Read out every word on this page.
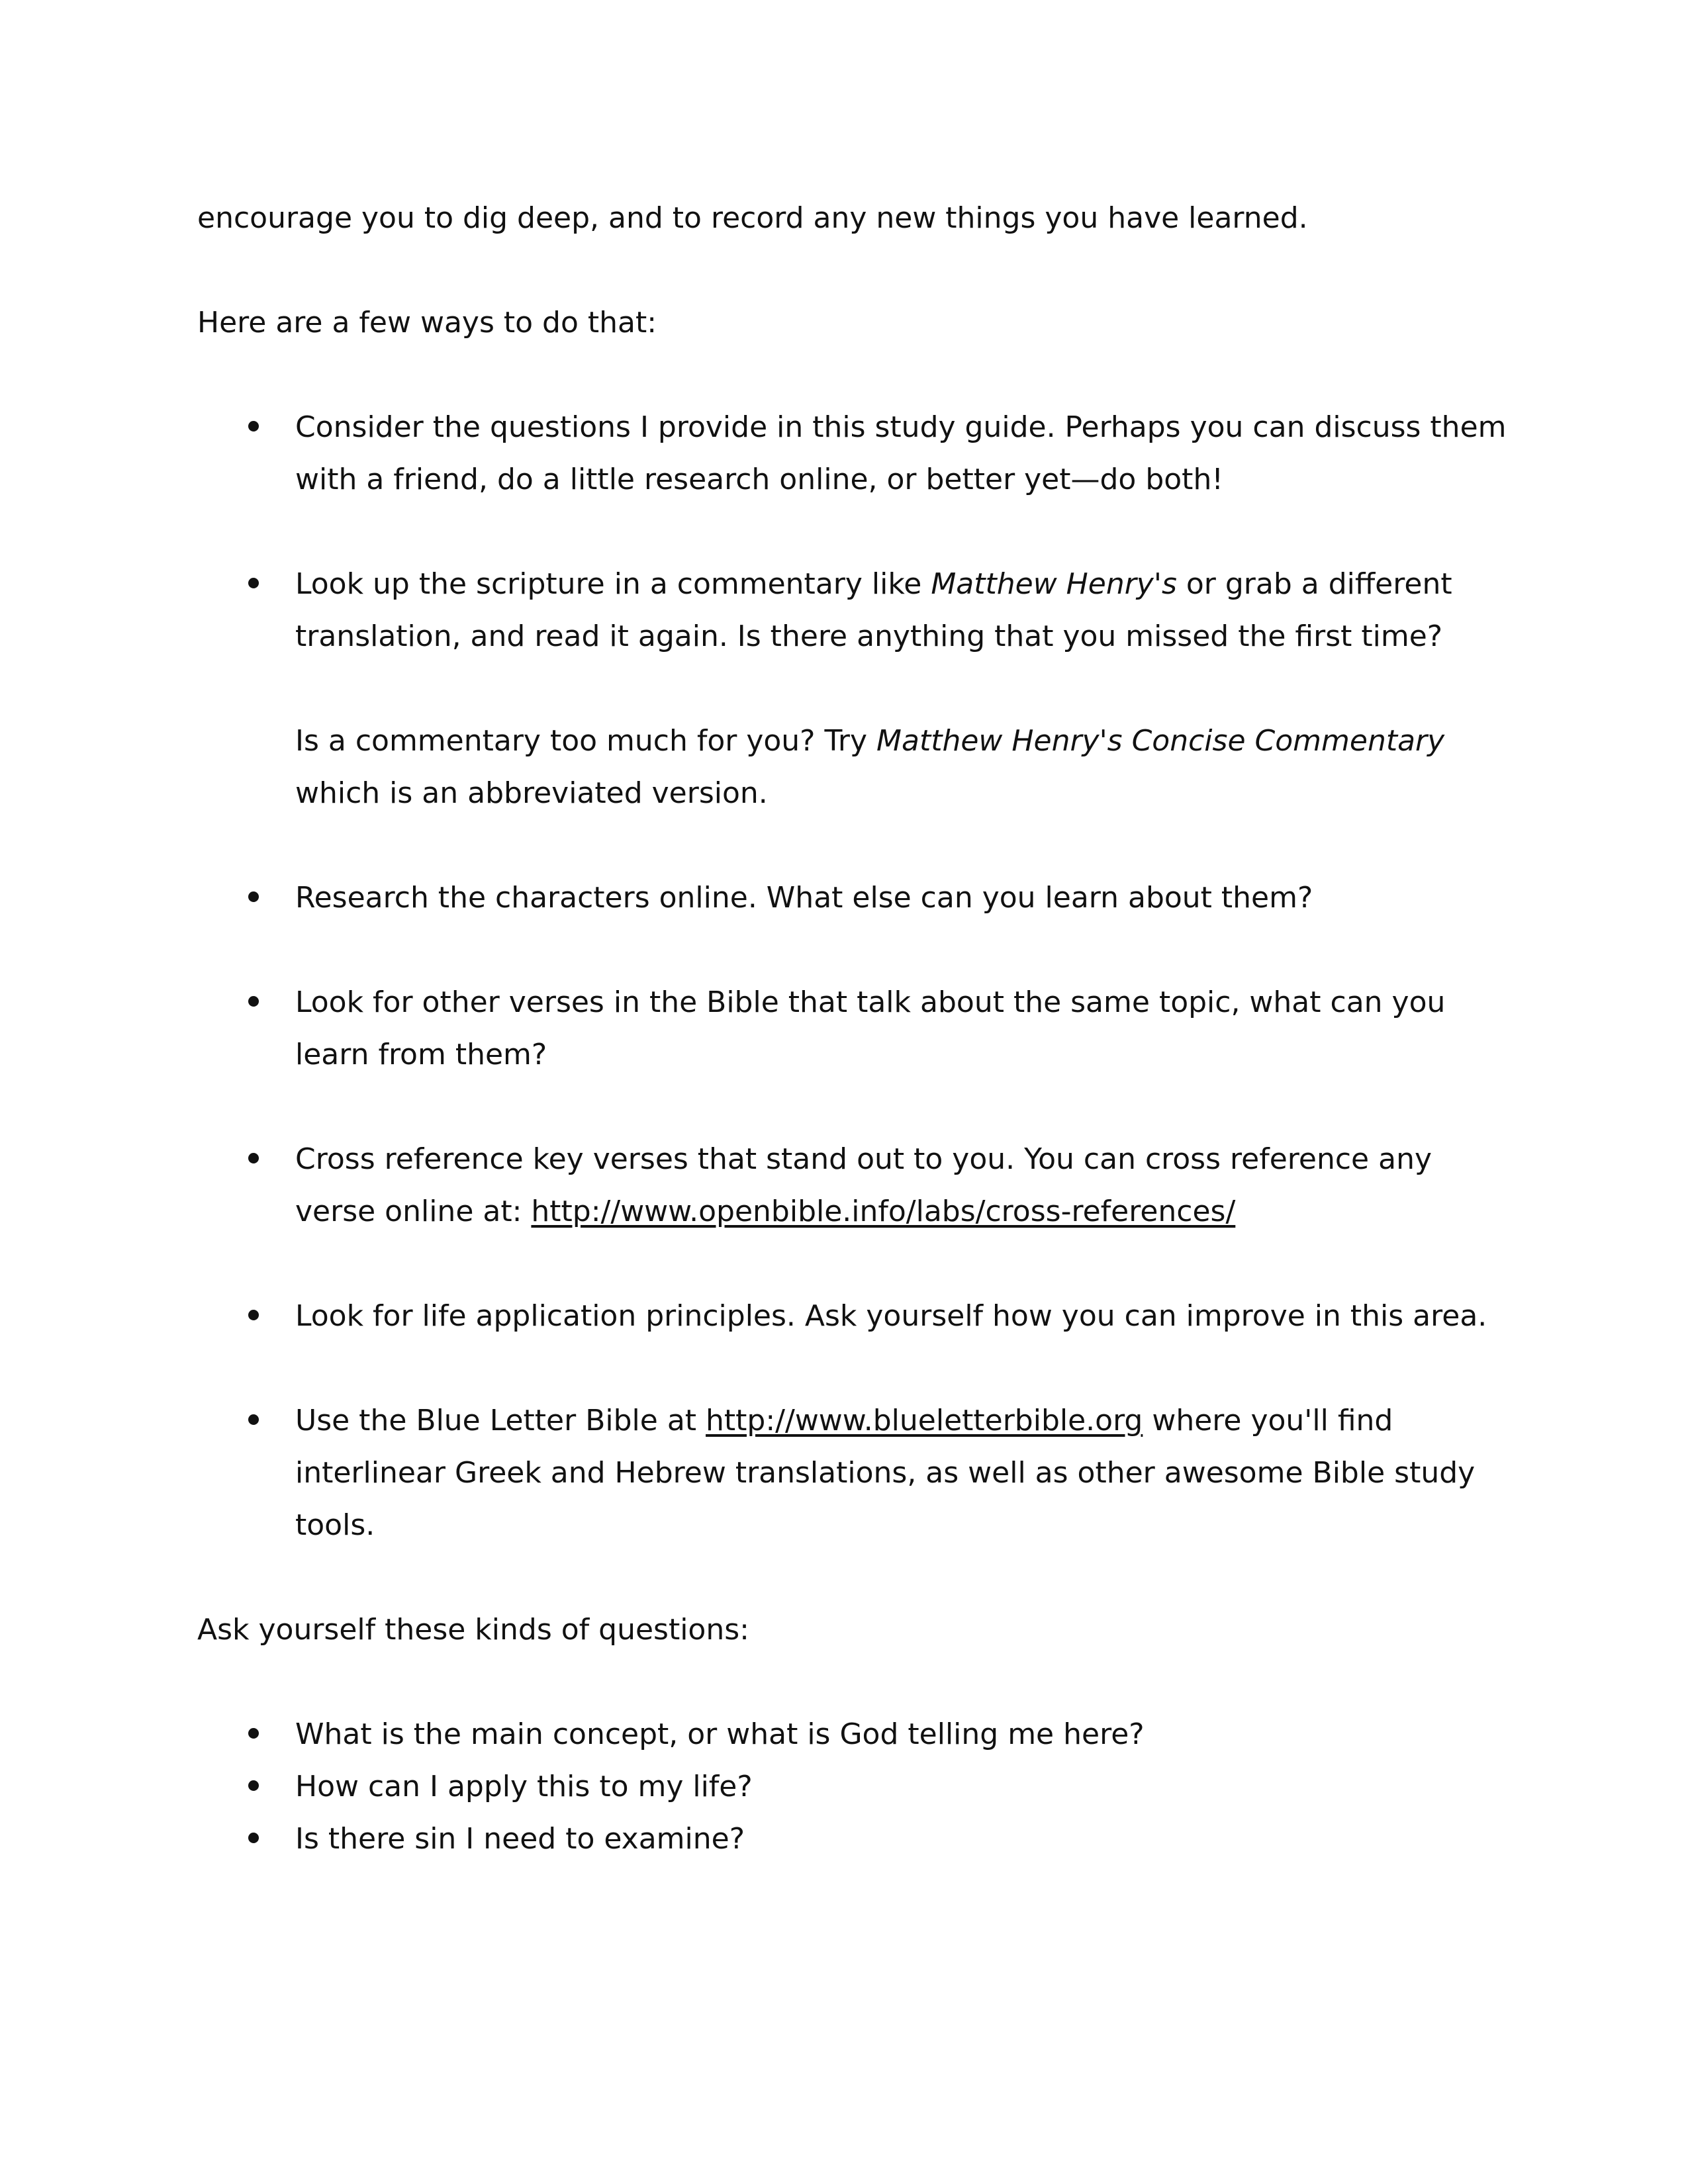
encourage you to dig deep, and to record any new things you have learned.

Here are a few ways to do that:

Consider the questions I provide in this study guide. Perhaps you can discuss them with a friend, do a little research online, or better yet—do both!
Look up the scripture in a commentary like Matthew Henry's or grab a different translation, and read it again. Is there anything that you missed the first time?
Is a commentary too much for you? Try Matthew Henry's Concise Commentary which is an abbreviated version.
Research the characters online. What else can you learn about them?
Look for other verses in the Bible that talk about the same topic, what can you learn from them?
Cross reference key verses that stand out to you. You can cross reference any verse online at: http://www.openbible.info/labs/cross-references/
Look for life application principles. Ask yourself how you can improve in this area.
Use the Blue Letter Bible at http://www.blueletterbible.org where you'll find interlinear Greek and Hebrew translations, as well as other awesome Bible study tools.

Ask yourself these kinds of questions:

What is the main concept, or what is God telling me here?
How can I apply this to my life?
Is there sin I need to examine?
